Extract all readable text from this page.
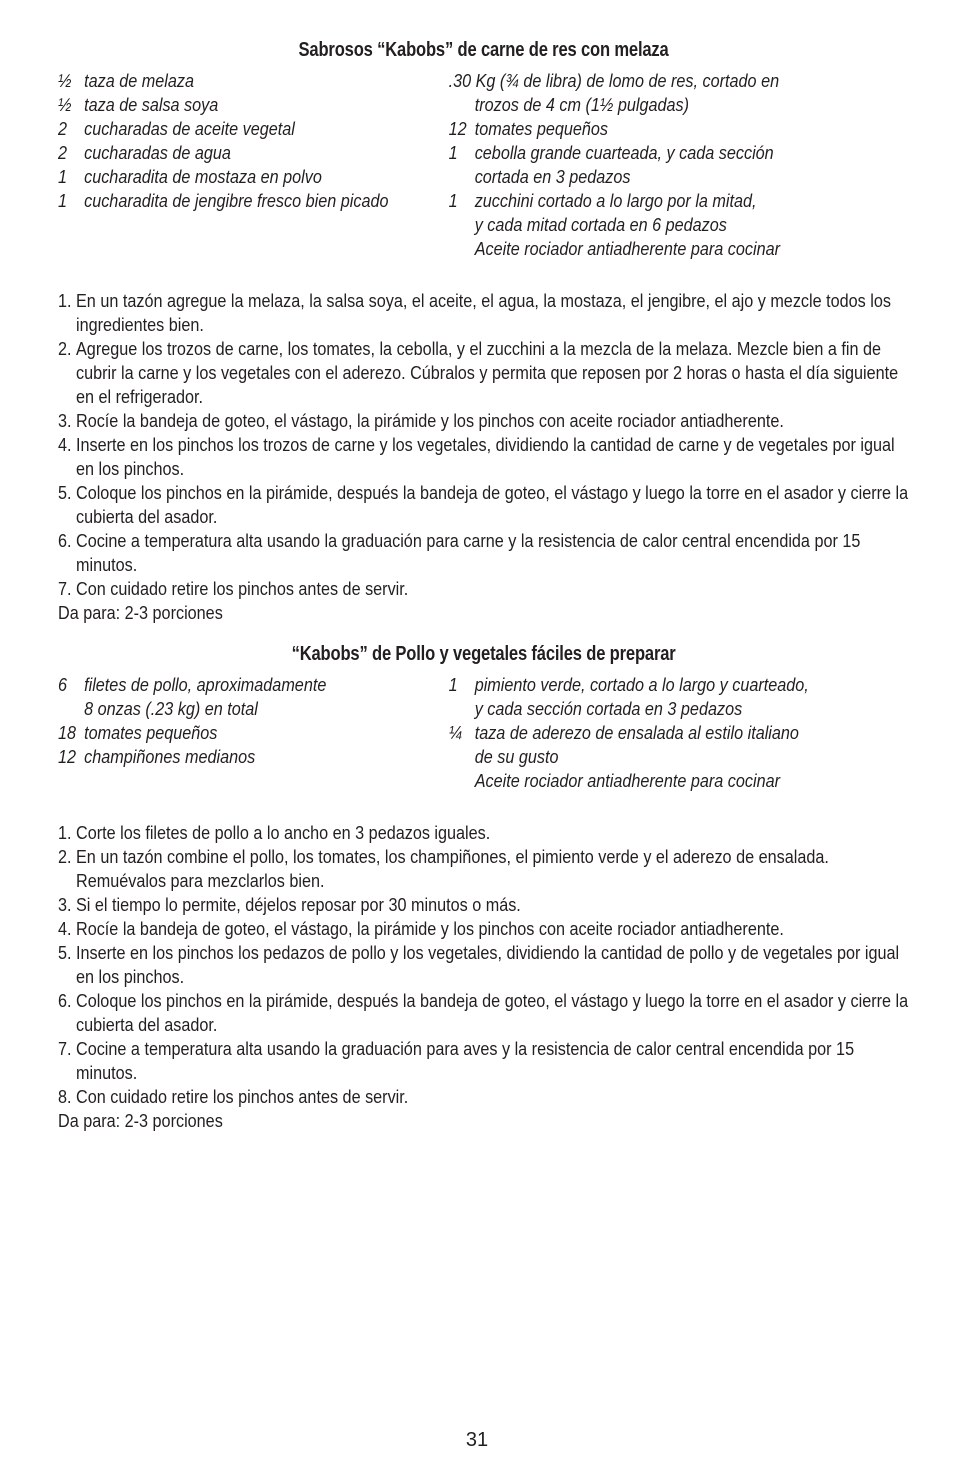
Sabrosos “Kabobs” de carne de res con melaza
½ taza de melaza
½ taza de salsa soya
2 cucharadas de aceite vegetal
2 cucharadas de agua
1 cucharadita de mostaza en polvo
1 cucharadita de jengibre fresco bien picado
.30 Kg (¾ de libra) de lomo de res, cortado en
trozos de 4 cm (1½ pulgadas)
12 tomates pequeños
1 cebolla grande cuarteada, y cada sección
cortada en 3 pedazos
1 zucchini cortado a lo largo por la mitad,
y cada mitad cortada en 6 pedazos
Aceite rociador antiadherente para cocinar
1. En un tazón agregue la melaza, la salsa soya, el aceite, el agua, la mostaza, el jengibre, el ajo y mezcle todos los ingredientes bien.
2. Agregue los trozos de carne, los tomates, la cebolla, y el zucchini a la mezcla de la melaza. Mezcle bien a fin de cubrir la carne y los vegetales con el aderezo. Cúbralos y permita que reposen por 2 horas o hasta el día siguiente en el refrigerador.
3. Rocíe la bandeja de goteo, el vástago, la pirámide y los pinchos con aceite rociador antiadherente.
4. Inserte en los pinchos los trozos de carne y los vegetales, dividiendo la cantidad de carne y de vegetales por igual en los pinchos.
5. Coloque los pinchos en la pirámide, después la bandeja de goteo, el vástago y luego la torre en el asador y cierre la cubierta del asador.
6. Cocine a temperatura alta usando la graduación para carne y la resistencia de calor central encendida por 15 minutos.
7. Con cuidado retire los pinchos antes de servir.
Da para: 2-3 porciones
“Kabobs” de Pollo y vegetales fáciles de preparar
6 filetes de pollo, aproximadamente
8 onzas (.23 kg) en total
18 tomates pequeños
12 champiñones medianos
1 pimiento verde, cortado a lo largo y cuarteado,
y cada sección cortada en 3 pedazos
¼ taza de aderezo de ensalada al estilo italiano
de su gusto
Aceite rociador antiadherente para cocinar
1. Corte los filetes de pollo a lo ancho en 3 pedazos iguales.
2. En un tazón combine el pollo, los tomates, los champiñones, el pimiento verde y el aderezo de ensalada. Remuévalos para mezclarlos bien.
3. Si el tiempo lo permite, déjelos reposar por 30 minutos o más.
4. Rocíe la bandeja de goteo, el vástago, la pirámide y los pinchos con aceite rociador antiadherente.
5. Inserte en los pinchos los pedazos de pollo y los vegetales, dividiendo la cantidad de pollo y de vegetales por igual en los pinchos.
6. Coloque los pinchos en la pirámide, después la bandeja de goteo, el vástago y luego la torre en el asador y cierre la cubierta del asador.
7. Cocine a temperatura alta usando la graduación para aves y la resistencia de calor central encendida por 15 minutos.
8. Con cuidado retire los pinchos antes de servir.
Da para: 2-3 porciones
31
